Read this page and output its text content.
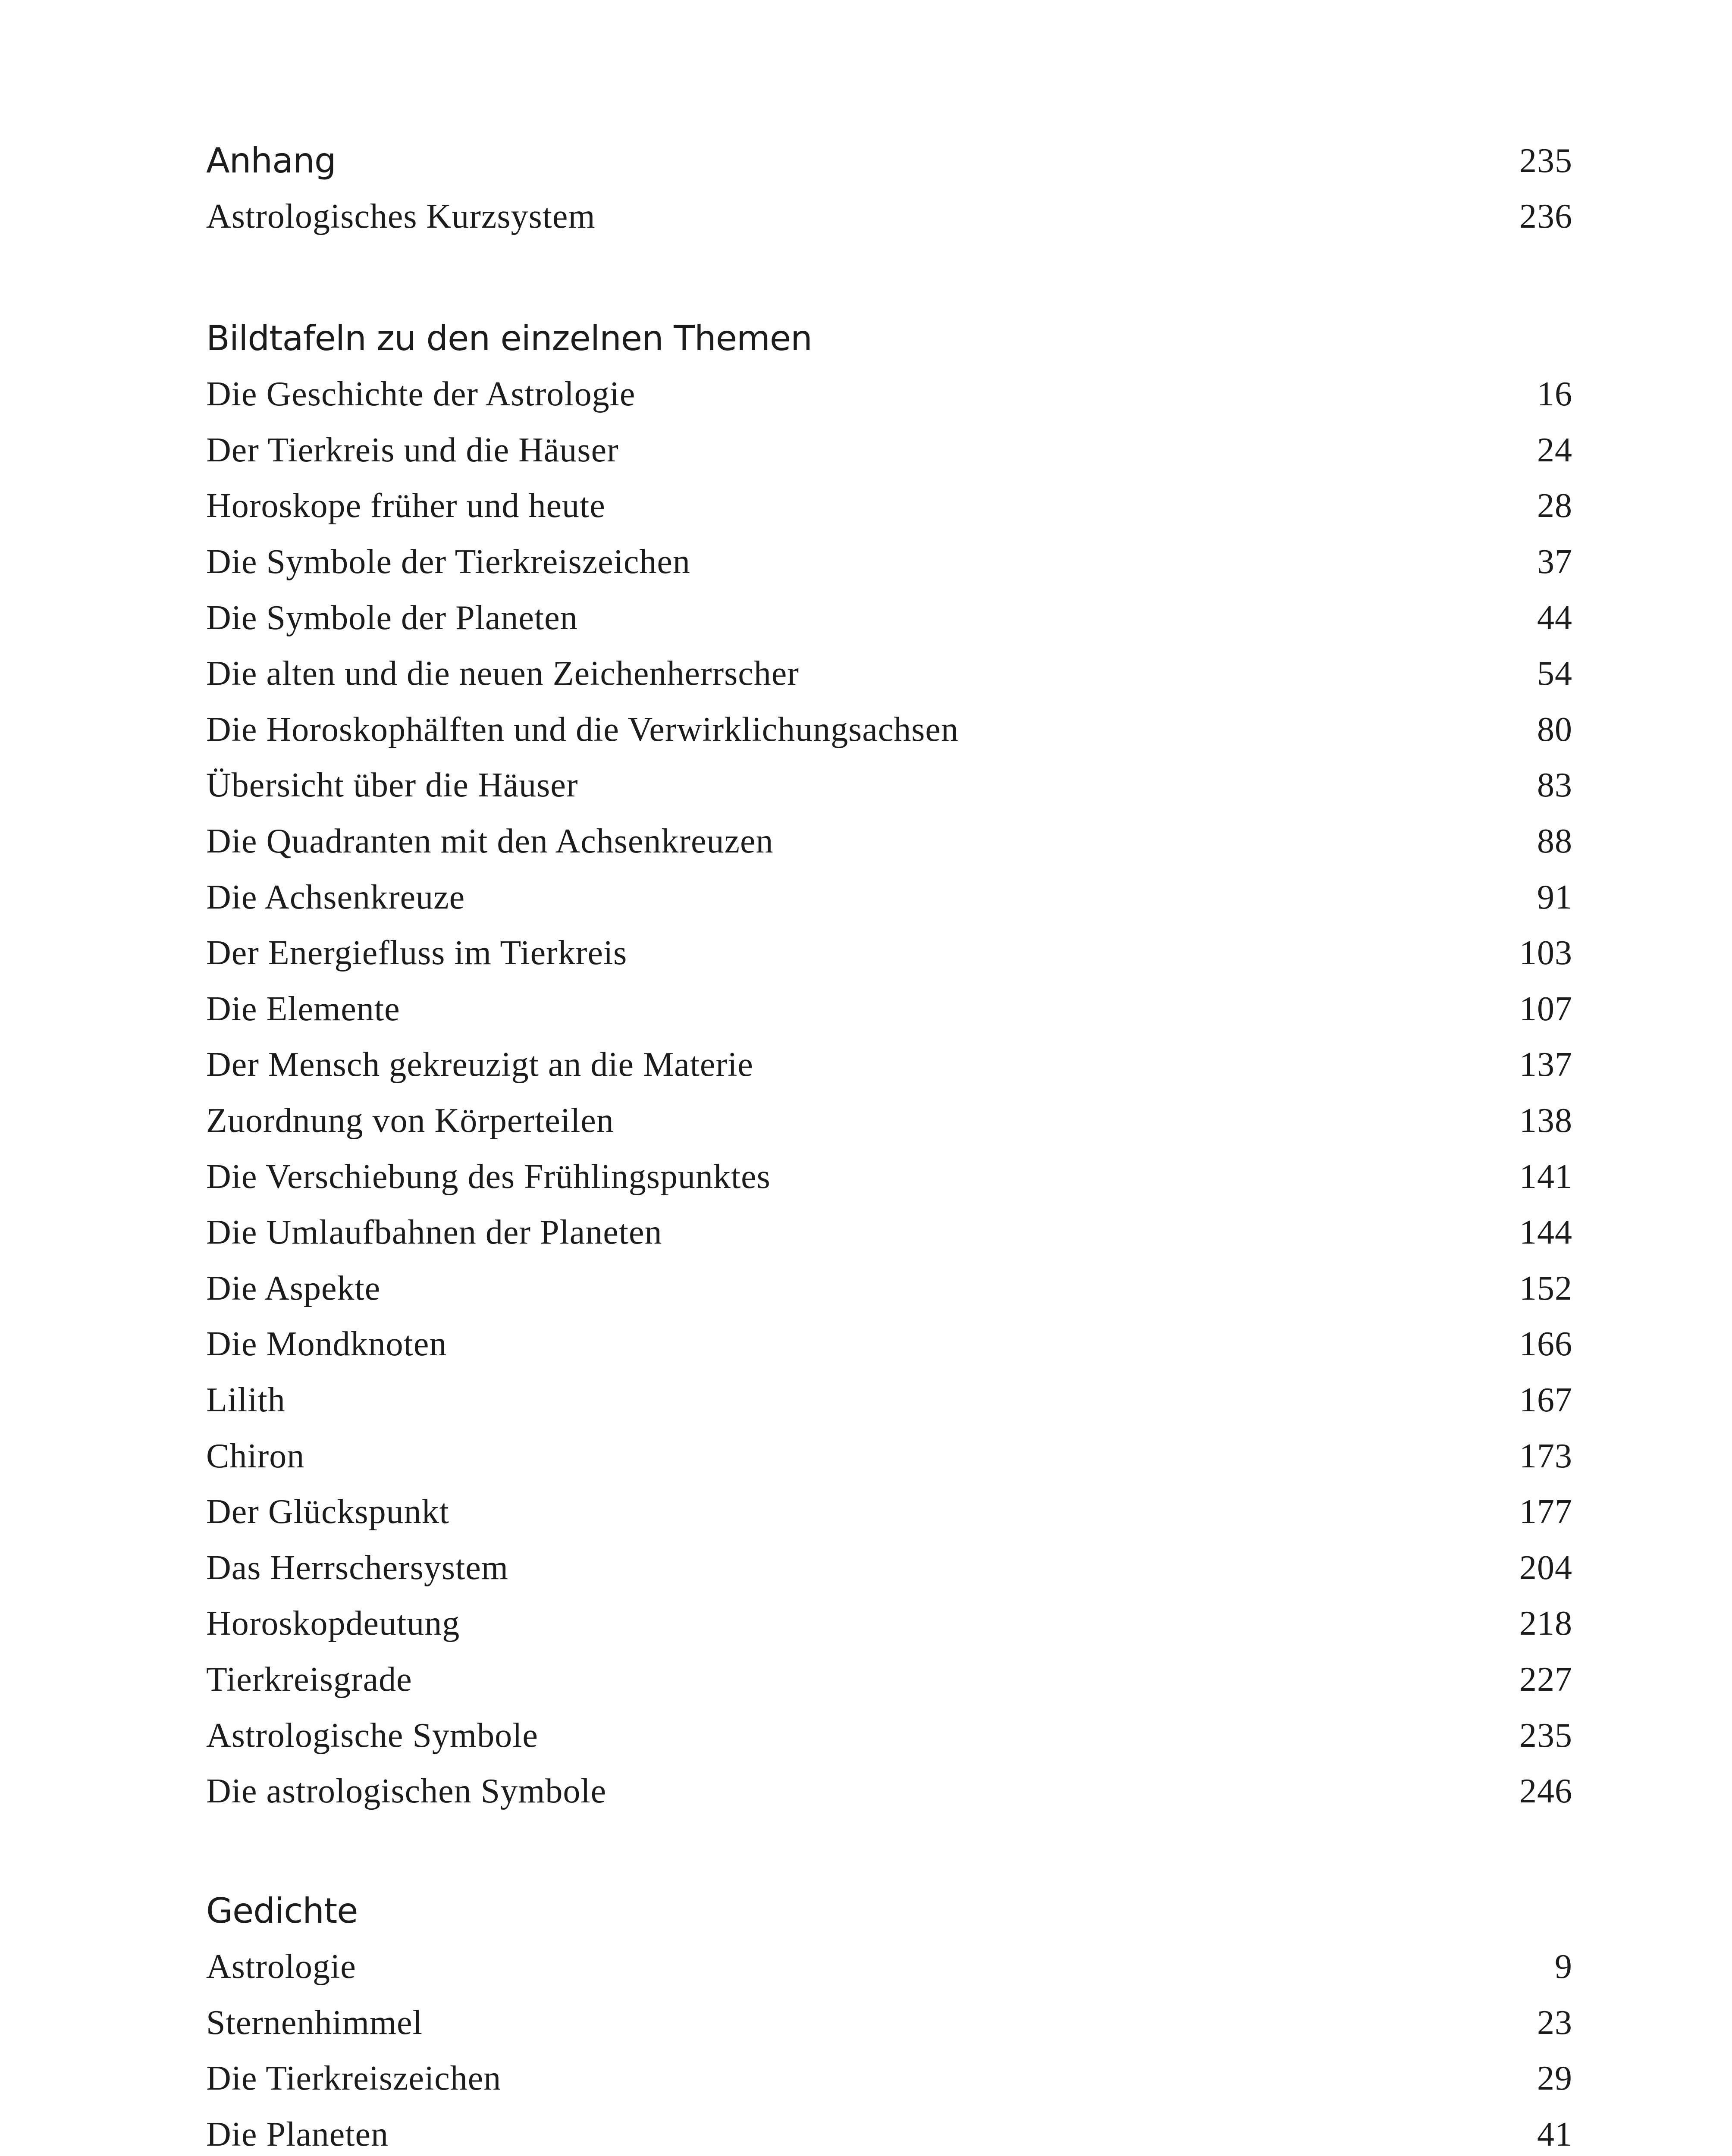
Anhang	235
Astrologisches Kurzsystem	236
Bildtafeln zu den einzelnen Themen
Die Geschichte der Astrologie	16
Der Tierkreis und die Häuser	24
Horoskope früher und heute	28
Die Symbole der Tierkreiszeichen	37
Die Symbole der Planeten	44
Die alten und die neuen Zeichenherrscher	54
Die Horoskophälften und die Verwirklichungsachsen	80
Übersicht über die Häuser	83
Die Quadranten mit den Achsenkreuzen	88
Die Achsenkreuze	91
Der Energiefluss im Tierkreis	103
Die Elemente	107
Der Mensch gekreuzigt an die Materie	137
Zuordnung von Körperteilen	138
Die Verschiebung des Frühlingspunktes	141
Die Umlaufbahnen der Planeten	144
Die Aspekte	152
Die Mondknoten	166
Lilith	167
Chiron	173
Der Glückspunkt	177
Das Herrschersystem	204
Horoskopdeutung	218
Tierkreisgrade	227
Astrologische Symbole	235
Die astrologischen Symbole	246
Gedichte
Astrologie	9
Sternenhimmel	23
Die Tierkreiszeichen	29
Die Planeten	41
